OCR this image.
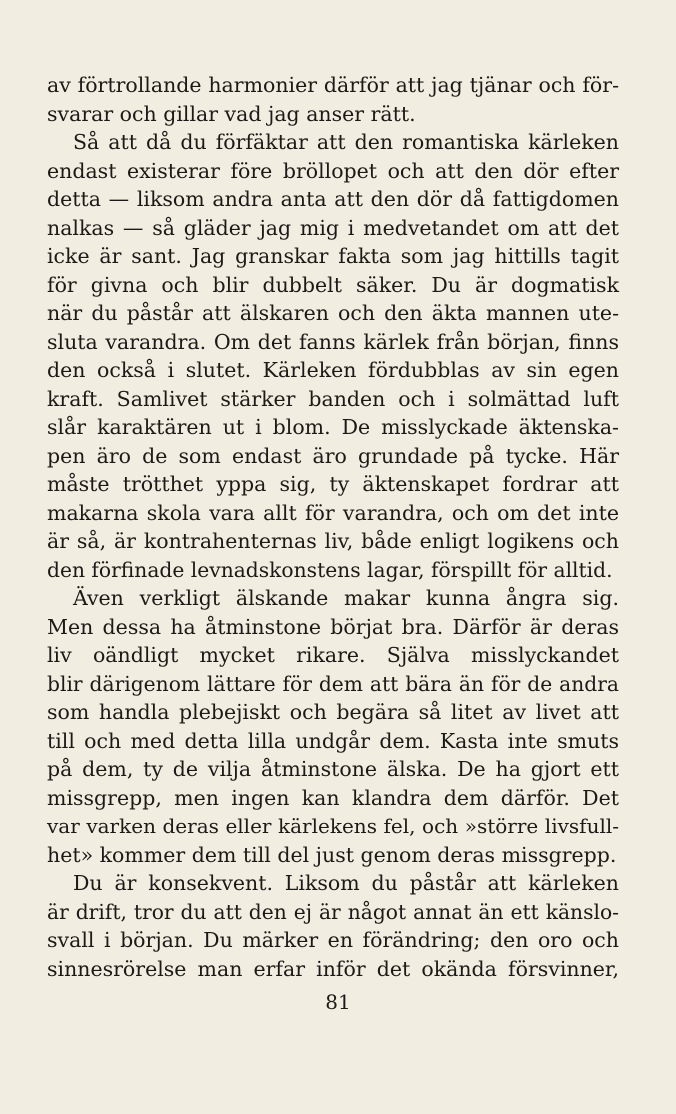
av förtrollande harmonier därför att jag tjänar och för-
svarar och gillar vad jag anser rätt.
Så att då du förfäktar att den romantiska kärleken
endast existerar före bröllopet och att den dör efter
detta — liksom andra anta att den dör då fattigdomen
nalkas — så gläder jag mig i medvetandet om att det
icke är sant. Jag granskar fakta som jag hittills tagit
för givna och blir dubbelt säker. Du är dogmatisk
när du påstår att älskaren och den äkta mannen ute-
sluta varandra. Om det fanns kärlek från början, finns
den också i slutet. Kärleken fördubblas av sin egen
kraft. Samlivet stärker banden och i solmättad luft
slår karaktären ut i blom. De misslyckade äktenska-
pen äro de som endast äro grundade på tycke. Här
måste trötthet yppa sig, ty äktenskapet fordrar att
makarna skola vara allt för varandra, och om det inte
är så, är kontrahenternas liv, både enligt logikens och
den förfinade levnadskonstens lagar, förspillt för alltid.
Även verkligt älskande makar kunna ångra sig.
Men dessa ha åtminstone börjat bra. Därför är deras
liv oändligt mycket rikare. Själva misslyckandet
blir därigenom lättare för dem att bära än för de andra
som handla plebejiskt och begära så litet av livet att
till och med detta lilla undgår dem. Kasta inte smuts
på dem, ty de vilja åtminstone älska. De ha gjort ett
missgrepp, men ingen kan klandra dem därför. Det
var varken deras eller kärlekens fel, och »större livsfull-
het» kommer dem till del just genom deras missgrepp.
Du är konsekvent. Liksom du påstår att kärleken
är drift, tror du att den ej är något annat än ett känslo-
svall i början. Du märker en förändring; den oro och
sinnesrörelse man erfar inför det okända försvinner,
81
